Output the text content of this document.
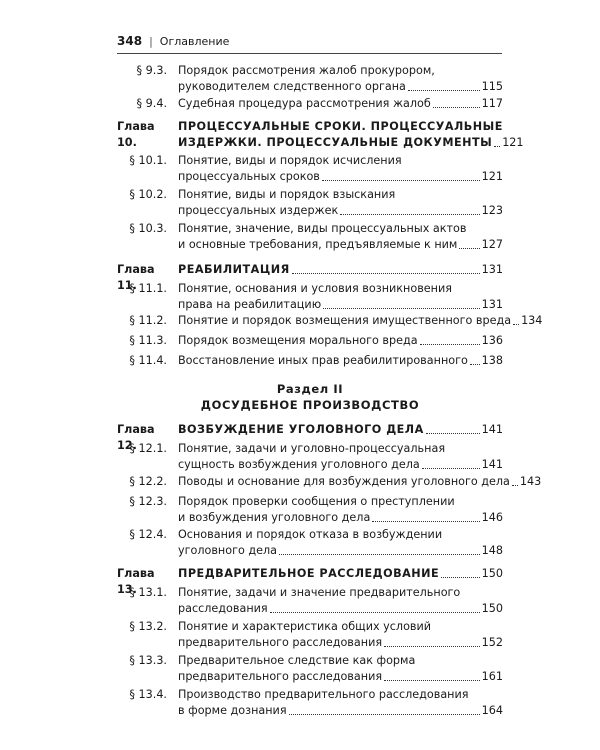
348 | Оглавление
§ 9.3. Порядок рассмотрения жалоб прокурором,
руководителем следственного органа	115
§ 9.4. Судебная процедура рассмотрения жалоб	117
Глава 10.
ПРОЦЕССУАЛЬНЫЕ СРОКИ. ПРОЦЕССУАЛЬНЫЕ
ИЗДЕРЖКИ. ПРОЦЕССУАЛЬНЫЕ ДОКУМЕНТЫ 121
§ 10.1. Понятие, виды и порядок исчисления
процессуальных сроков	121
§ 10.2. Понятие, виды и порядок взыскания
процессуальных издержек	123
§ 10.3. Понятие, значение, виды процессуальных актов
и основные требования, предъявляемые к ним 127
Глава 11.
РЕАБИЛИТАЦИЯ	131
§ 11.1. Понятие, основания и условия возникновения
права на реабилитацию	131
§ 11.2. Понятие и порядок возмещения имущественного вреда 134
§ 11.3. Порядок возмещения морального вреда	136
§ 11.4. Восстановление иных прав реабилитированного 138
Раздел II
ДОСУДЕБНОЕ ПРОИЗВОДСТВО
Глава 12.
ВОЗБУЖДЕНИЕ УГОЛОВНОГО ДЕЛА	141
§ 12.1. Понятие, задачи и уголовно-процессуальная
сущность возбуждения уголовного дела	141
§ 12.2. Поводы и основание для возбуждения уголовного дела 143
§ 12.3. Порядок проверки сообщения о преступлении
и возбуждения уголовного дела	146
§ 12.4. Основания и порядок отказа в возбуждении
уголовного дела	148
Глава 13.
ПРЕДВАРИТЕЛЬНОЕ РАССЛЕДОВАНИЕ	150
§ 13.1. Понятие, задачи и значение предварительного
расследования	150
§ 13.2. Понятие и характеристика общих условий
предварительного расследования	152
§ 13.3. Предварительное следствие как форма
предварительного расследования	161
§ 13.4. Производство предварительного расследования
в форме дознания	164
